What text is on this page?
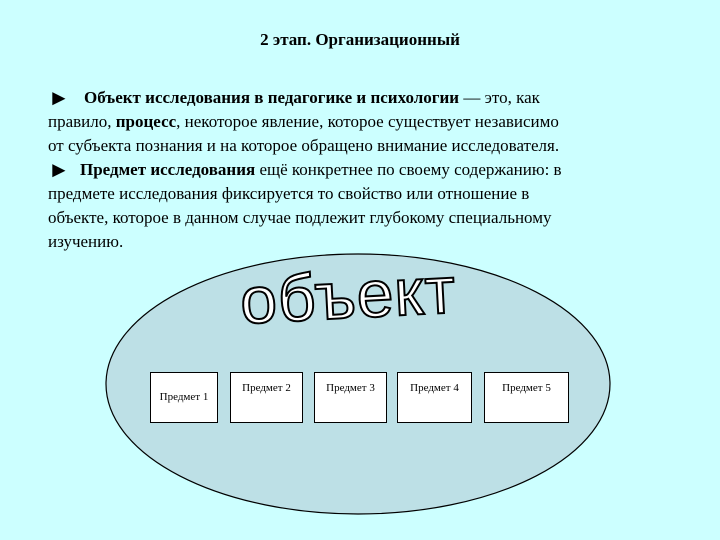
2 этап. Организационный
► Объект исследования в педагогике и психологии — это, как
правило, процесс, некоторое явление, которое существует независимо
от субъекта познания и на которое обращено внимание исследователя.
► Предмет исследования ещё конкретнее по своему содержанию: в
предмете исследования фиксируется то свойство или отношение в
объекте, которое в данном случае подлежит глубокому специальному
изучению.
объект
Предмет 1
Предмет 2	Предмет 3	Предмет 4	Предмет 5
